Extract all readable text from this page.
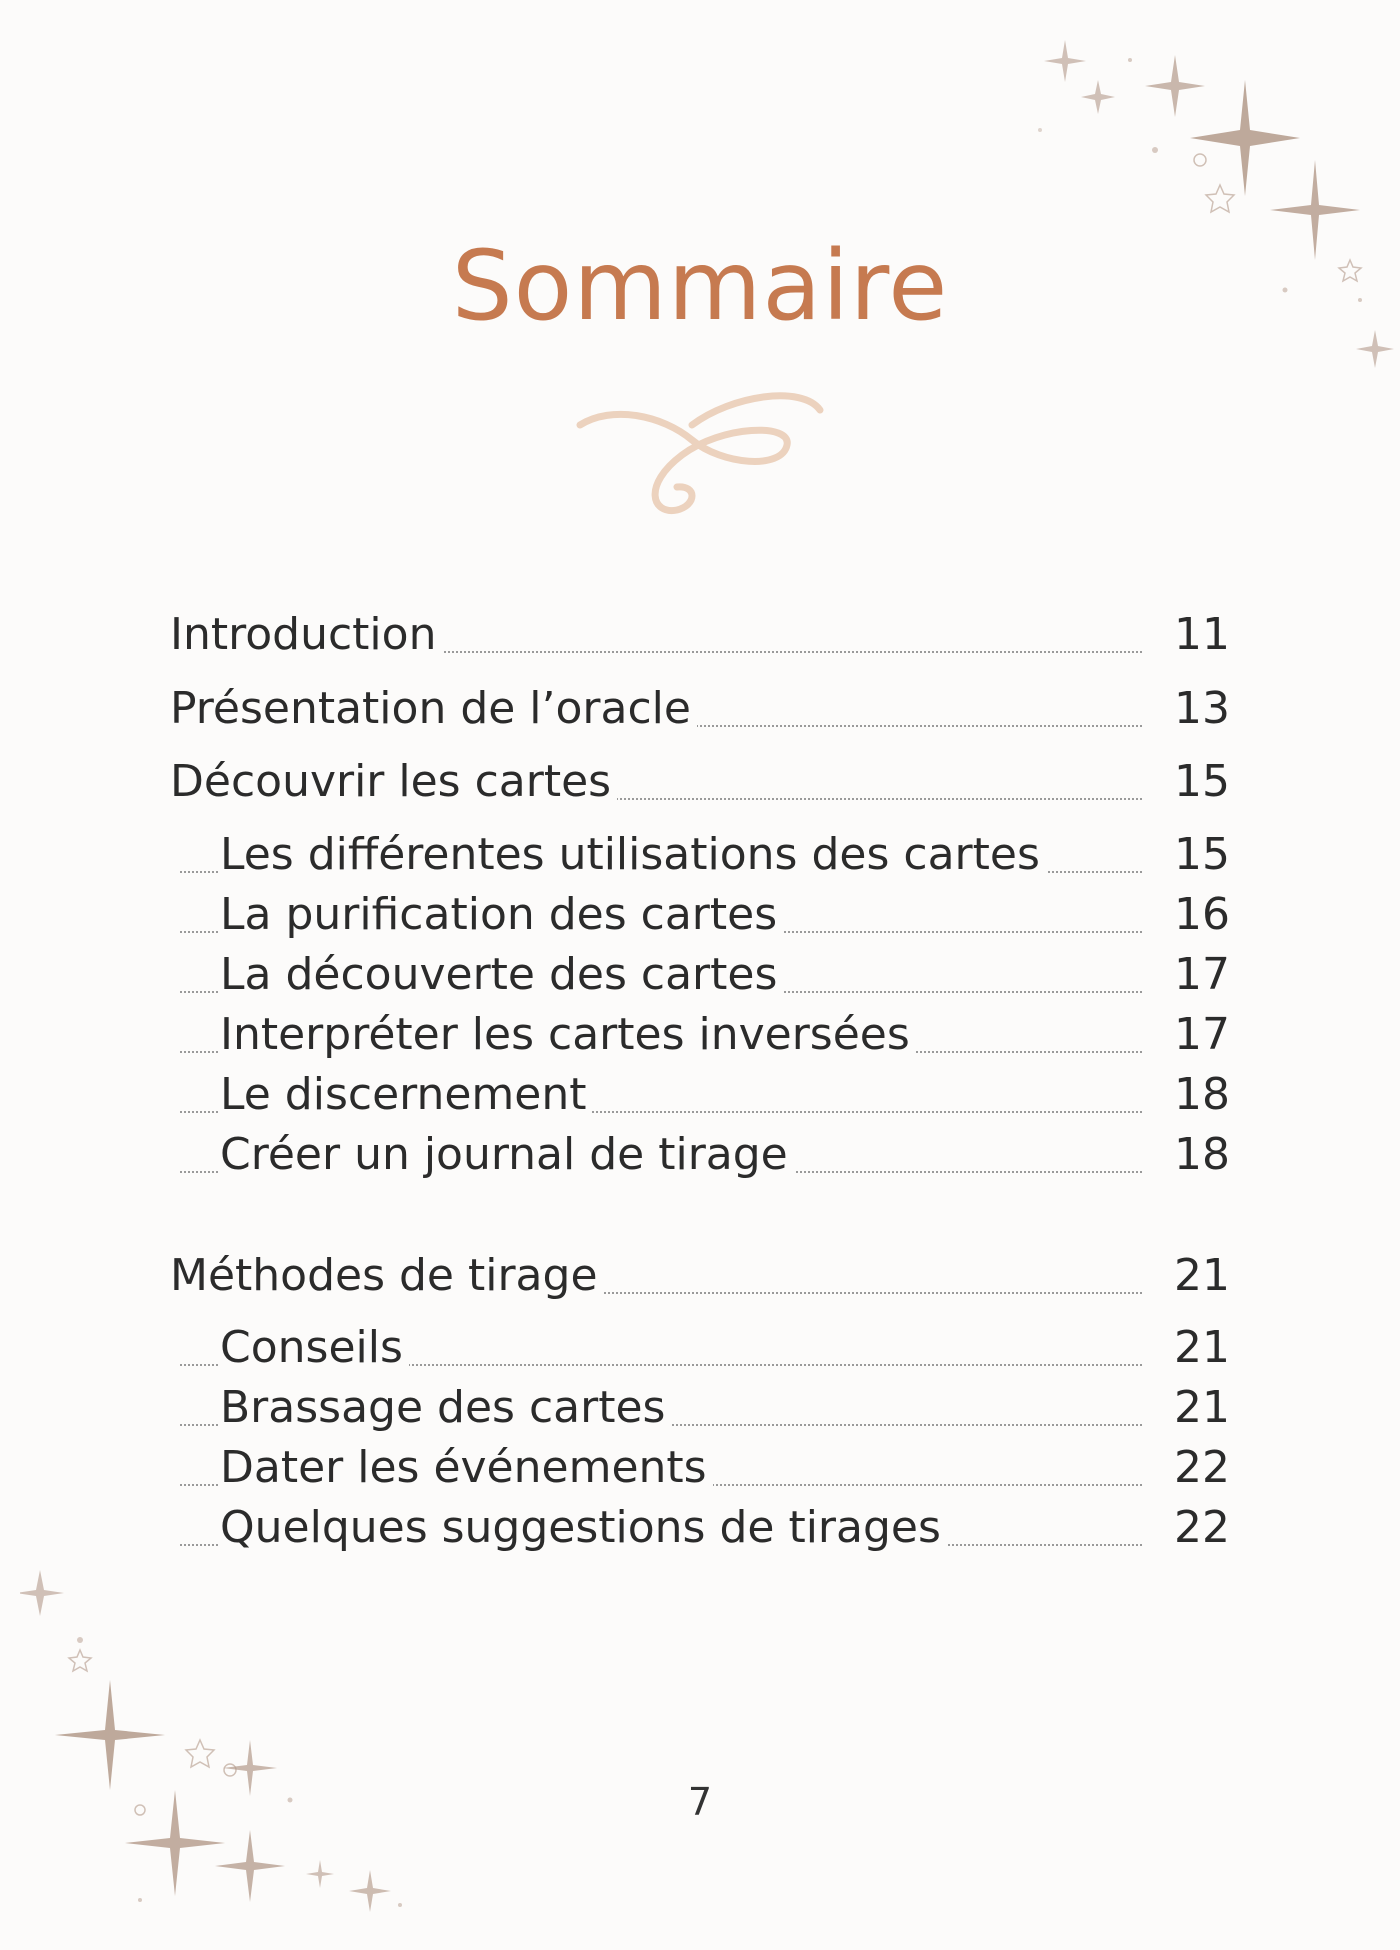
Sommaire
Introduction	11
Présentation de l’oracle	13
Découvrir les cartes	15
Les différentes utilisations des cartes	15
La purification des cartes	16
La découverte des cartes	17
Interpréter les cartes inversées	17
Le discernement	18
Créer un journal de tirage	18
Méthodes de tirage	21
Conseils	21
Brassage des cartes	21
Dater les événements	22
Quelques suggestions de tirages	22
7
